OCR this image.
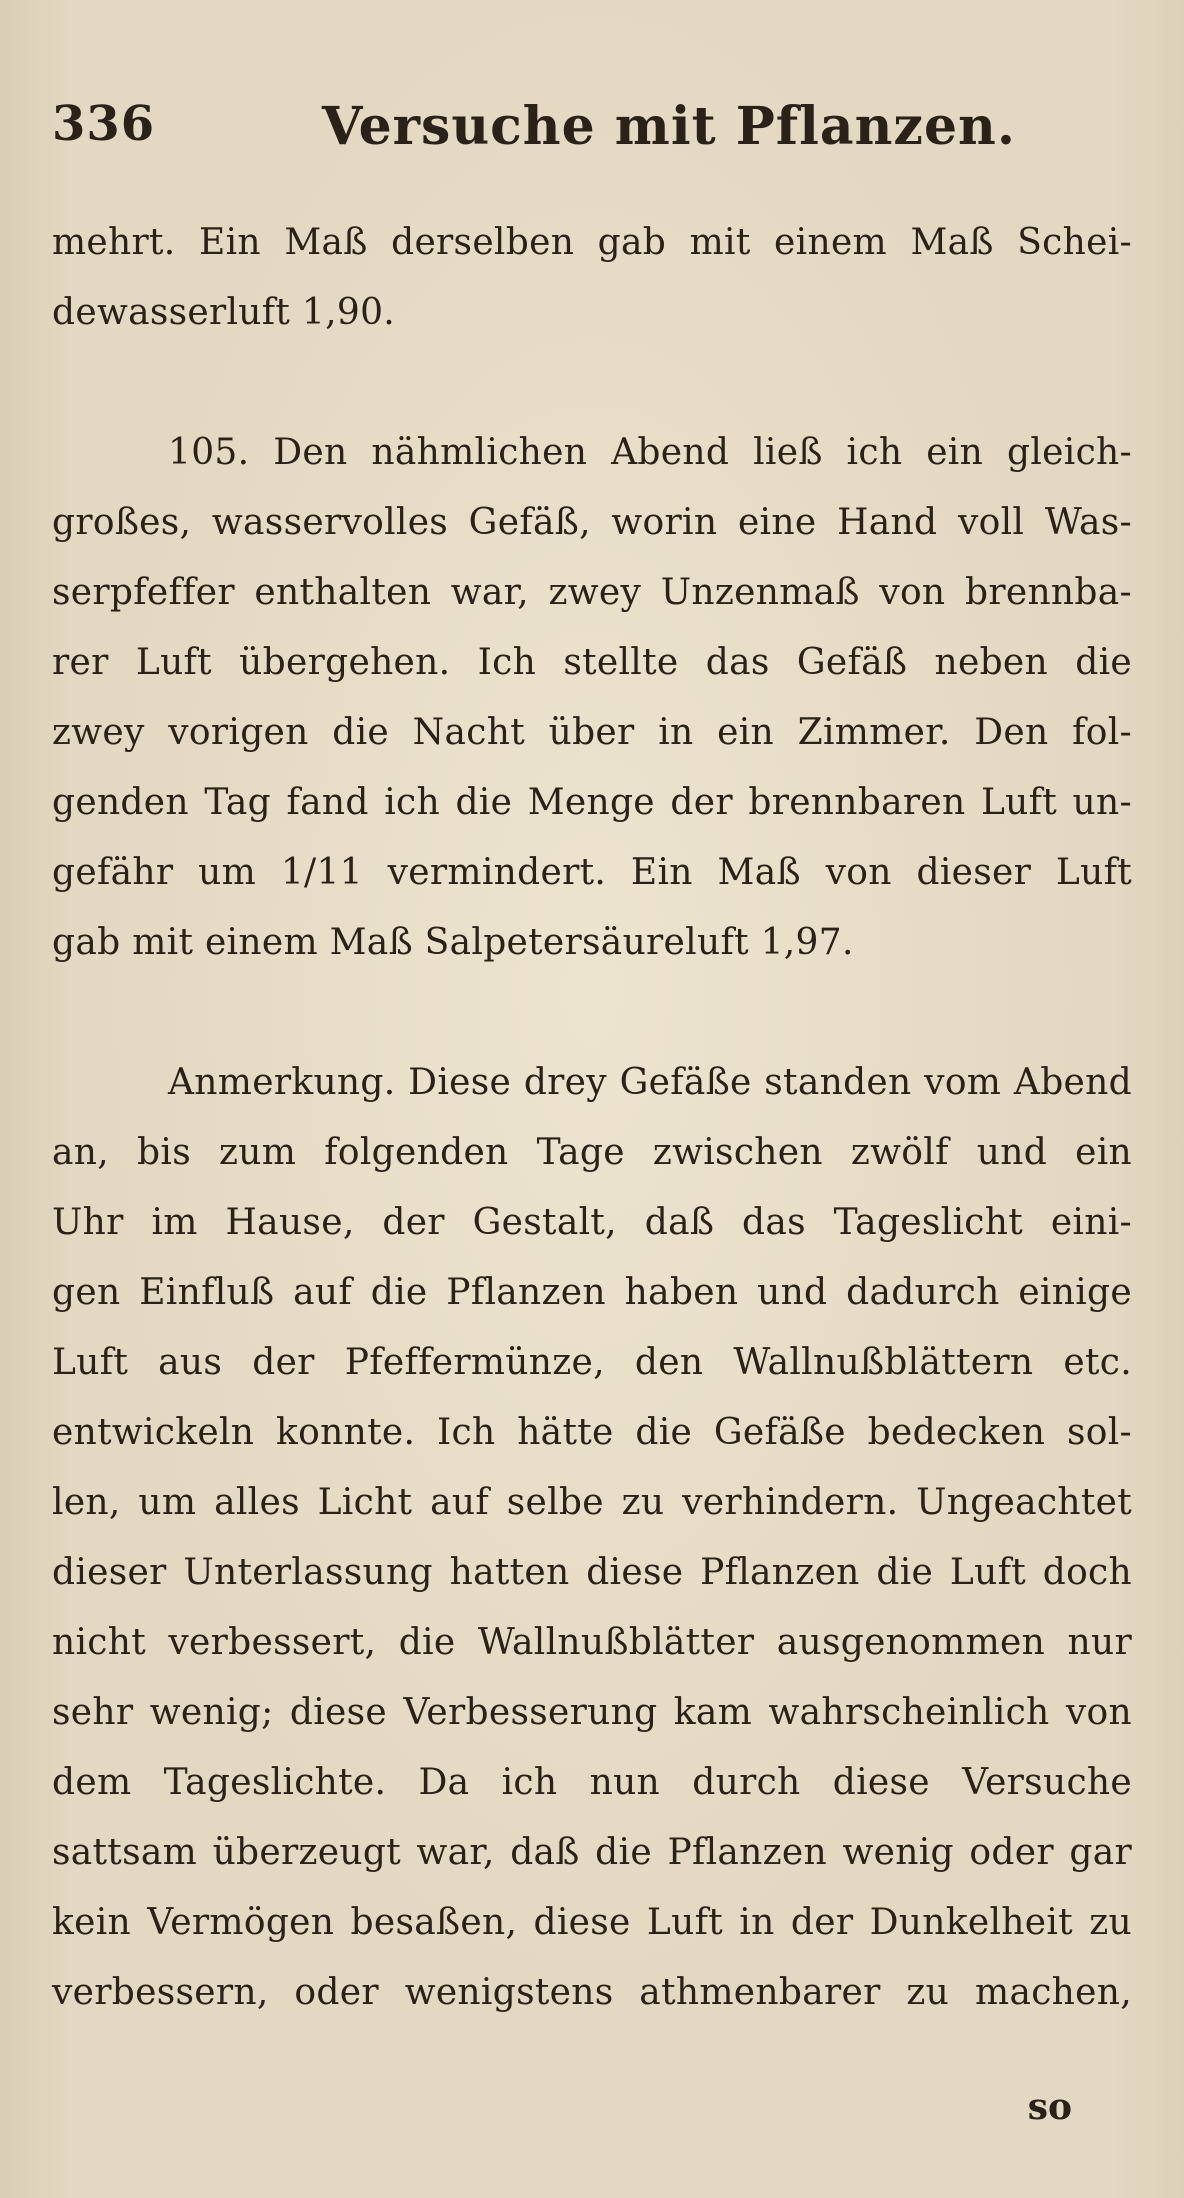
336	Versuche mit Pflanzen.
mehrt. Ein Maß derselben gab mit einem Maß Schei-
dewasserluft 1,90.
105. Den nähmlichen Abend ließ ich ein gleich-
großes, wasservolles Gefäß, worin eine Hand voll Was-
serpfeffer enthalten war, zwey Unzenmaß von brennba-
rer Luft übergehen. Ich stellte das Gefäß neben die
zwey vorigen die Nacht über in ein Zimmer. Den fol-
genden Tag fand ich die Menge der brennbaren Luft un-
gefähr um 1/11 vermindert. Ein Maß von dieser Luft
gab mit einem Maß Salpetersäureluft 1,97.
Anmerkung. Diese drey Gefäße standen vom Abend
an, bis zum folgenden Tage zwischen zwölf und ein
Uhr im Hause, der Gestalt, daß das Tageslicht eini-
gen Einfluß auf die Pflanzen haben und dadurch einige
Luft aus der Pfeffermünze, den Wallnußblättern etc.
entwickeln konnte. Ich hätte die Gefäße bedecken sol-
len, um alles Licht auf selbe zu verhindern. Ungeachtet
dieser Unterlassung hatten diese Pflanzen die Luft doch
nicht verbessert, die Wallnußblätter ausgenommen nur
sehr wenig; diese Verbesserung kam wahrscheinlich von
dem Tageslichte. Da ich nun durch diese Versuche
sattsam überzeugt war, daß die Pflanzen wenig oder gar
kein Vermögen besaßen, diese Luft in der Dunkelheit zu
verbessern, oder wenigstens athmenbarer zu machen,
so
